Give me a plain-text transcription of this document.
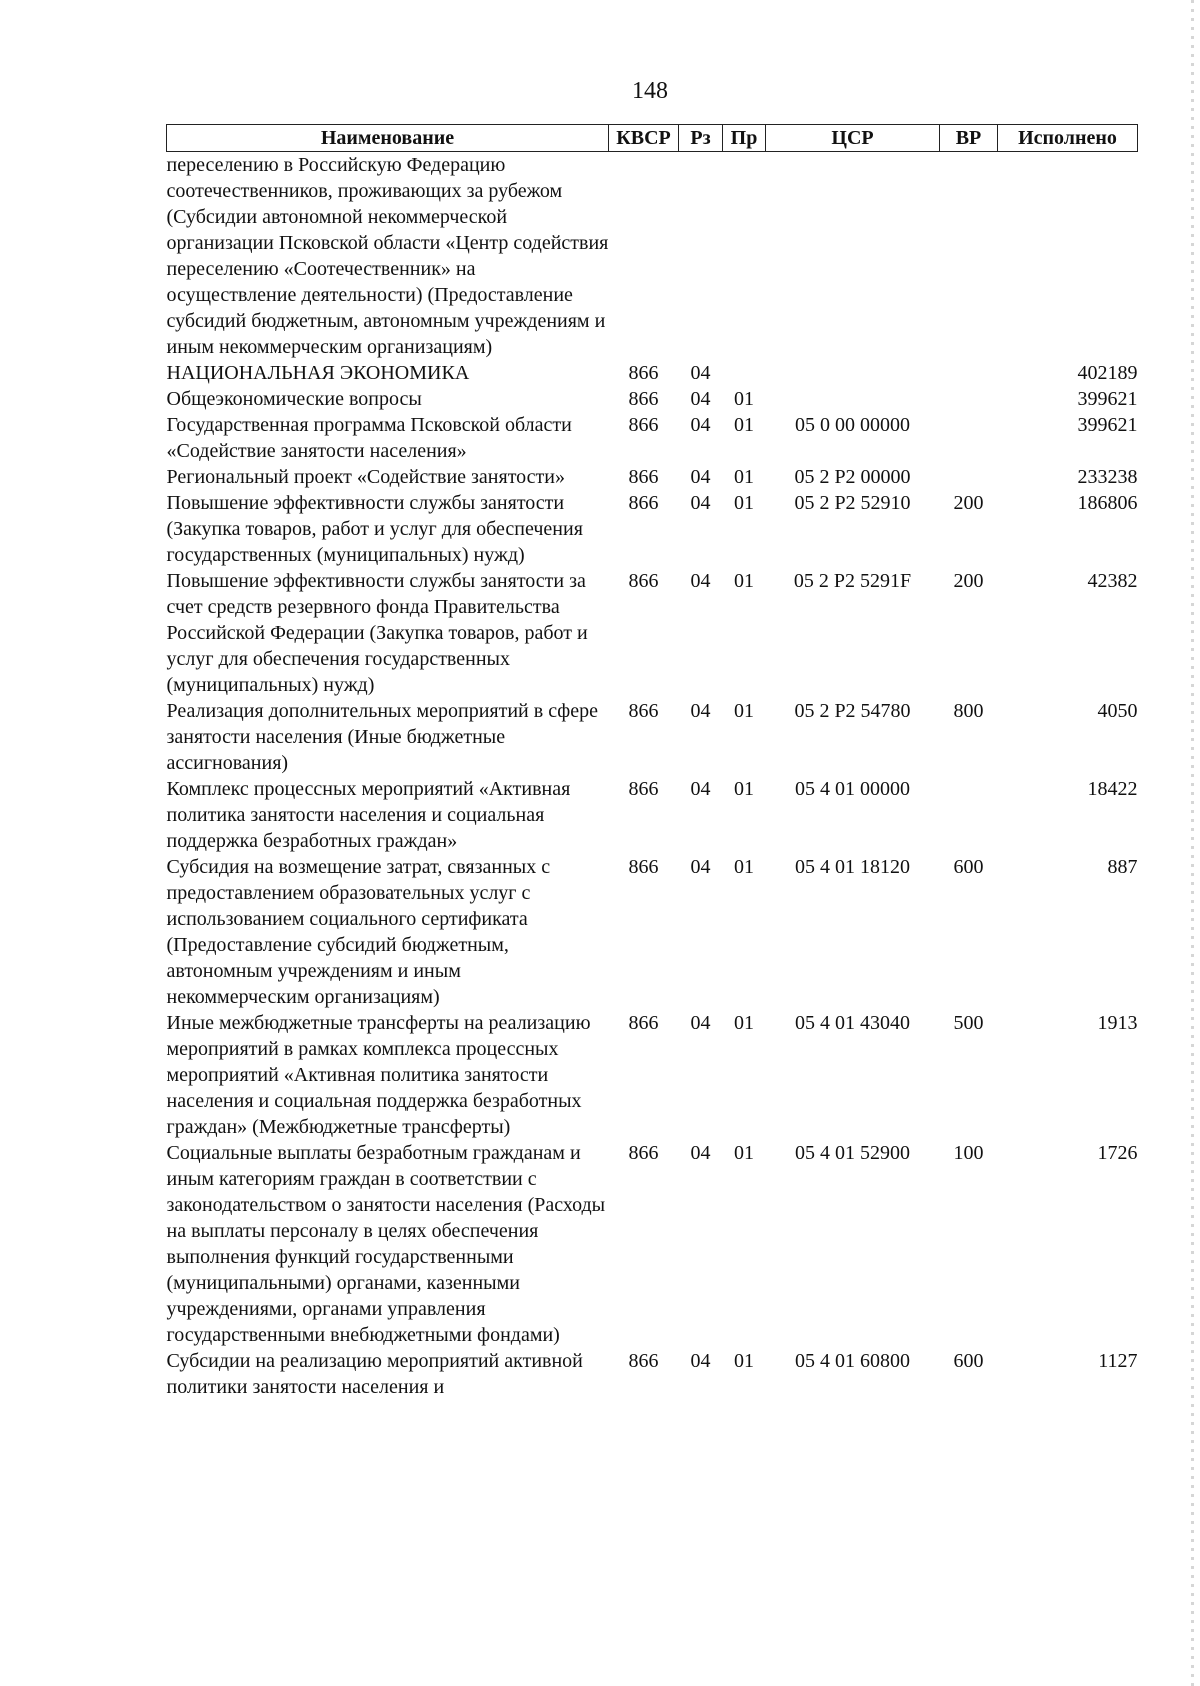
148
Наименование	КВСР	Рз	Пр	ЦСР	ВР	Исполнено
переселению в Российскую Федерацию соотечественников, проживающих за рубежом (Субсидии автономной некоммерческой организации Псковской области «Центр содействия переселению «Соотечественник» на осуществление деятельности) (Предоставление субсидий бюджетным, автономным учреждениям и иным некоммерческим организациям)						
НАЦИОНАЛЬНАЯ ЭКОНОМИКА	866	04				402189
Общеэкономические вопросы	866	04	01			399621
Государственная программа Псковской области «Содействие занятости населения»	866	04	01	05 0 00 00000		399621
Региональный проект «Содействие занятости»	866	04	01	05 2 P2 00000		233238
Повышение эффективности службы занятости (Закупка товаров, работ и услуг для обеспечения государственных (муниципальных) нужд)	866	04	01	05 2 P2 52910	200	186806
Повышение эффективности службы занятости за счет средств резервного фонда Правительства Российской Федерации (Закупка товаров, работ и услуг для обеспечения государственных (муниципальных) нужд)	866	04	01	05 2 P2 5291F	200	42382
Реализация дополнительных мероприятий в сфере занятости населения (Иные бюджетные ассигнования)	866	04	01	05 2 P2 54780	800	4050
Комплекс процессных мероприятий «Активная политика занятости населения и социальная поддержка безработных граждан»	866	04	01	05 4 01 00000		18422
Субсидия на возмещение затрат, связанных с предоставлением образовательных услуг с использованием социального сертификата (Предоставление субсидий бюджетным, автономным учреждениям и иным некоммерческим организациям)	866	04	01	05 4 01 18120	600	887
Иные межбюджетные трансферты на реализацию мероприятий в рамках комплекса процессных мероприятий «Активная политика занятости населения и социальная поддержка безработных граждан» (Межбюджетные трансферты)	866	04	01	05 4 01 43040	500	1913
Социальные выплаты безработным гражданам и иным категориям граждан в соответствии с законодательством о занятости населения (Расходы на выплаты персоналу в целях обеспечения выполнения функций государственными (муниципальными) органами, казенными учреждениями, органами управления государственными внебюджетными фондами)	866	04	01	05 4 01 52900	100	1726
Субсидии на реализацию мероприятий активной политики занятости населения и	866	04	01	05 4 01 60800	600	1127
